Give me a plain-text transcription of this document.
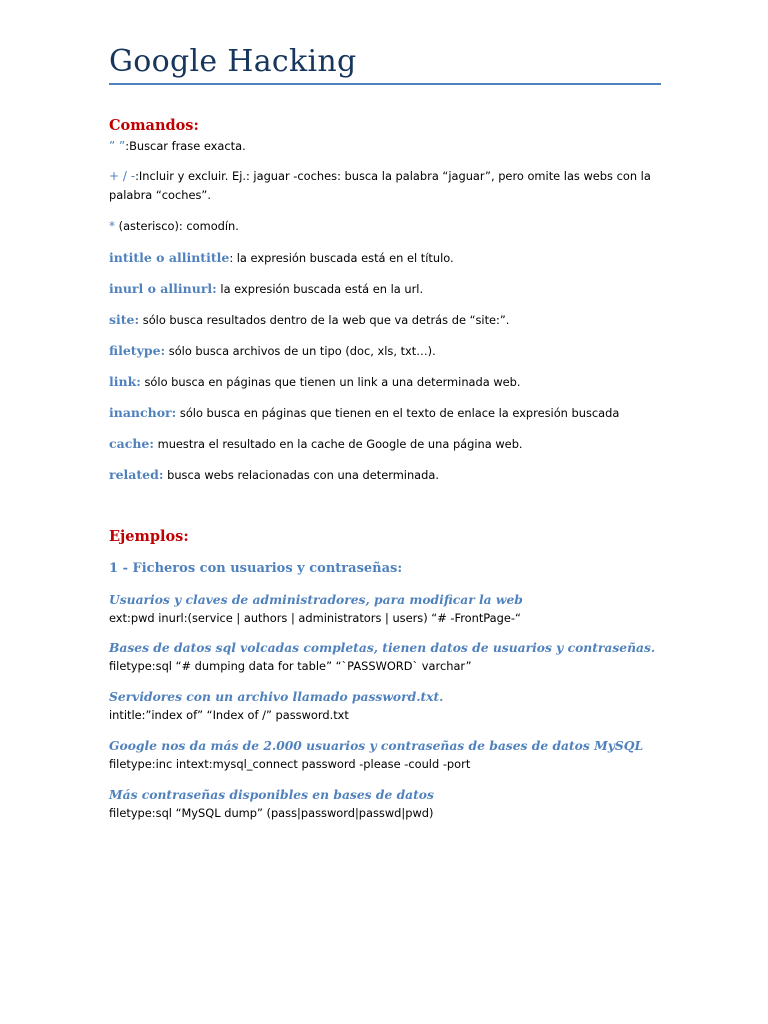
Google Hacking
Comandos:
” ”:Buscar frase exacta.
+ / -:Incluir y excluir. Ej.: jaguar -coches: busca la palabra “jaguar”, pero omite las webs con la palabra “coches”.
* (asterisco): comodín.
intitle o allintitle: la expresión buscada está en el título.
inurl o allinurl: la expresión buscada está en la url.
site: sólo busca resultados dentro de la web que va detrás de “site:”.
filetype: sólo busca archivos de un tipo (doc, xls, txt…).
link: sólo busca en páginas que tienen un link a una determinada web.
inanchor: sólo busca en páginas que tienen en el texto de enlace la expresión buscada
cache: muestra el resultado en la cache de Google de una página web.
related: busca webs relacionadas con una determinada.
Ejemplos:
1 - Ficheros con usuarios y contraseñas:
Usuarios y claves de administradores, para modificar la web
ext:pwd inurl:(service | authors | administrators | users) “# -FrontPage-“
Bases de datos sql volcadas completas, tienen datos de usuarios y contraseñas.
filetype:sql “# dumping data for table” “`PASSWORD` varchar”
Servidores con un archivo llamado password.txt.
intitle:”index of” “Index of /” password.txt
Google nos da más de 2.000 usuarios y contraseñas de bases de datos MySQL
filetype:inc intext:mysql_connect password -please -could -port
Más contraseñas disponibles en bases de datos
filetype:sql “MySQL dump” (pass|password|passwd|pwd)
